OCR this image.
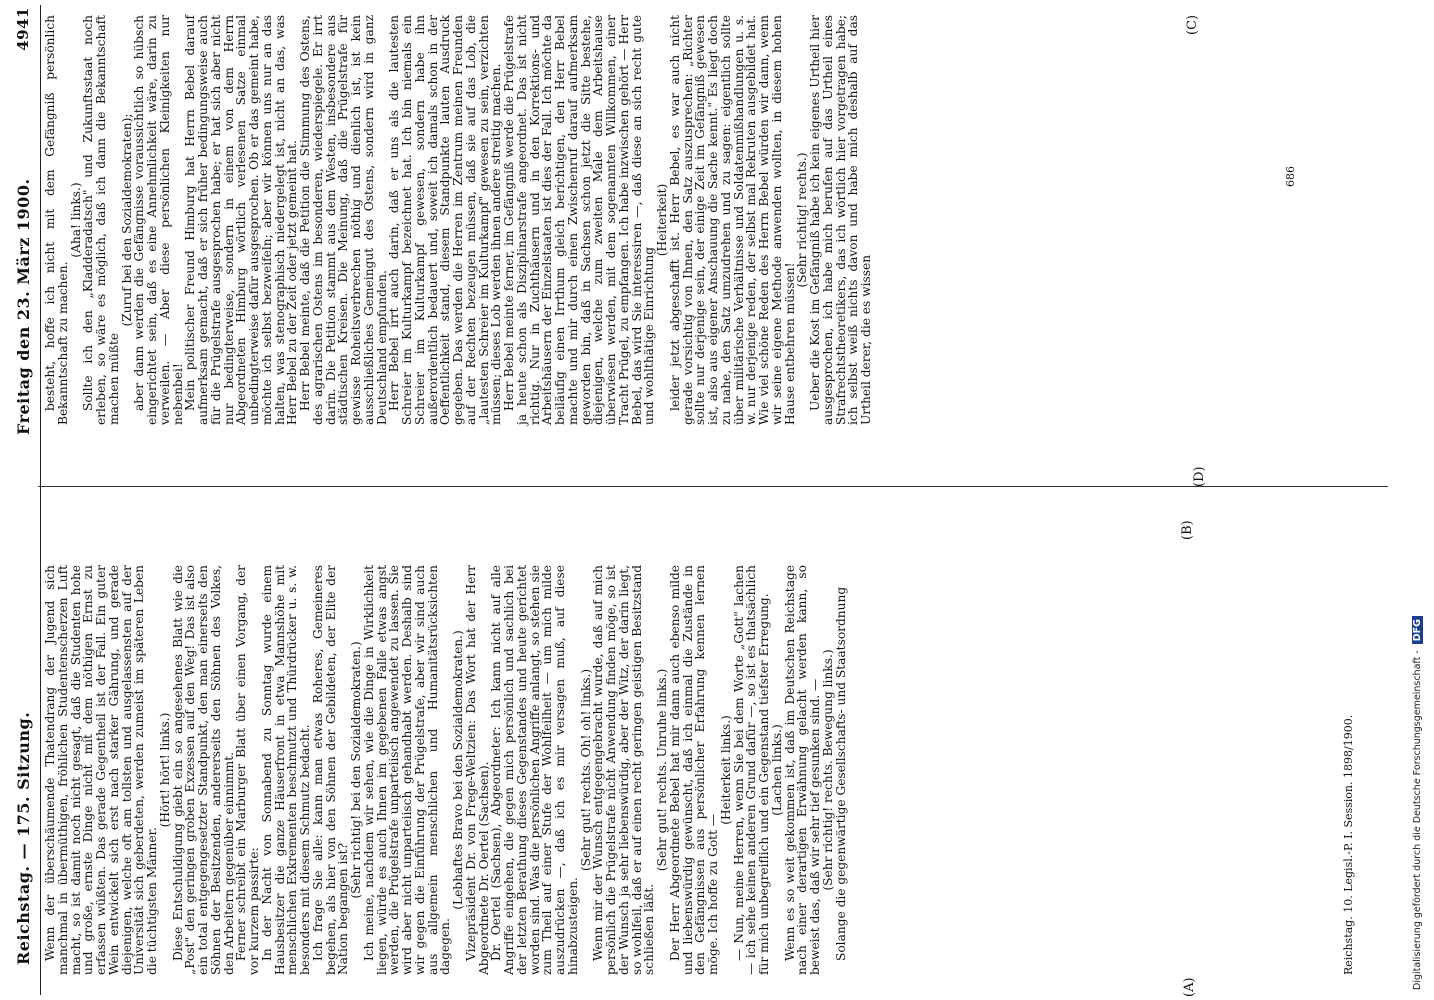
Reichstag. — 175. Sitzung.
Freitag den 23. März 1900.
4941

Wenn der überschäumende Thatendrang der Jugend sich manchmal in übermüthigen, fröhlichen Studentenscherzen Luft macht, so ist damit noch nicht gesagt, daß die Studenten hohe und große, ernste Dinge nicht mit dem nöthigen Ernst zu erfassen wüßten. Das gerade Gegentheil ist der Fall. Ein guter Wein entwickelt sich erst nach starker Gährung, und gerade diejenigen, welche oft am tollsten und ausgelassensten auf der Universität sich geberdeten, werden zumeist im späteren Leben die tüchtigsten Männer.

(Hört! hört! links.)

Diese Entschuldigung giebt ein so angesehenes Blatt wie die „Post" den geringen groben Exzessen auf den Weg! Das ist also ein total entgegengesetzter Standpunkt, den man einerseits den Söhnen der Besitzenden, andererseits den Söhnen des Volkes, den Arbeitern gegenüber einnimmt.

Ferner schreibt ein Marburger Blatt über einen Vorgang, der vor kurzem passirte:

In der Nacht von Sonnabend zu Sonntag wurde einem Hausbesitzer die ganze Häuserfront in etwa Mannshöhe mit menschlichen Exkrementen beschmutzt und Thürdrücker u. s. w. besonders mit diesem Schmutz bedacht.

Ich frage Sie alle: kann man etwas Roheres, Gemeineres begehen, als hier von den Söhnen der Gebildeten, der Elite der Nation begangen ist?

(Sehr richtig! bei den Sozialdemokraten.)

Ich meine, nachdem wir sehen, wie die Dinge in Wirklichkeit liegen, würde es auch Ihnen im gegebenen Falle etwas angst werden, die Prügelstrafe unparteiisch angewendet zu lassen. Sie wird aber nicht unparteiisch gehandhabt werden. Deshalb sind wir gegen die Einführung der Prügelstrafe, aber wir sind auch aus allgemein menschlichen und Humanitätsrücksichten dagegen.

(Lebhaftes Bravo bei den Sozialdemokraten.)

Vizepräsident Dr. von Frege-Weltzien: Das Wort hat der Herr Abgeordnete Dr. Oertel (Sachsen).

Dr. Oertel (Sachsen), Abgeordneter: Ich kann nicht auf alle Angriffe eingehen, die gegen mich persönlich und sachlich bei der letzten Berathung dieses Gegenstandes und heute gerichtet worden sind. Was die persönlichen Angriffe anlangt, so stehen sie zum Theil auf einer Stufe der Wohlfeilheit — um mich milde auszudrücken —, daß ich es mir versagen muß, auf diese hinabzusteigen.

(Sehr gut! rechts. Oh! oh! links.)

Wenn mir der Wunsch entgegengebracht wurde, daß auf mich persönlich die Prügelstrafe nicht Anwendung finden möge, so ist der Wunsch ja sehr liebenswürdig, aber der Witz, der darin liegt, so wohlfeil, daß er auf einen recht geringen geistigen Besitzstand schließen läßt.

(Sehr gut! rechts. Unruhe links.)

Der Herr Abgeordnete Bebel hat mir dann auch ebenso milde und liebenswürdig gewünscht, daß ich einmal die Zustände in den Gefängnissen aus persönlicher Erfahrung kennen lernen möge. Ich hoffe zu Gott —

(Heiterkeit links.)

— Nun, meine Herren, wenn Sie bei dem Worte „Gott" lachen — ich sehe keinen anderen Grund dafür —, so ist es thatsächlich für mich unbegreiflich und ein Gegenstand tiefster Erregung.

(Lachen links.)

Wenn es so weit gekommen ist, daß im Deutschen Reichstage nach einer derartigen Erwähnung gelacht werden kann, so beweist das, daß wir sehr tief gesunken sind. —

(Sehr richtig! rechts. Bewegung links.)

Solange die gegenwärtige Gesellschafts- und Staatsordnung

besteht, hoffe ich nicht mit dem Gefängniß persönlich Bekanntschaft zu machen.

(Aha! links.)

Sollte ich den „Kladderadatsch" und Zukunftsstaat noch erleben, so wäre es möglich, daß ich dann die Bekanntschaft machen müßte

(Zuruf bei den Sozialdemokraten);

aber dann werden die Gefängnisse voraussichtlich so hübsch eingerichtet sein, daß es eine Annehmlichkeit wäre, darin zu verweilen. — Aber diese persönlichen Kleinigkeiten nur nebenbei!

Mein politischer Freund Himburg hat Herrn Bebel darauf aufmerksam gemacht, daß er sich früher bedingungsweise auch für die Prügelstrafe ausgesprochen habe; er hat sich aber nicht nur bedingterweise, sondern in einem von dem Herrn Abgeordneten Himburg wörtlich verlesenen Satze einmal unbedingterweise dafür ausgesprochen. Ob er das gemeint habe, möchte ich selbst bezweifeln; aber wir können uns nur an das halten, was stenographisch niedergelegt ist, nicht an das, was Herr Bebel zu der Zeit oder jetzt gemeint hat.

Herr Bebel meinte, daß die Petition die Stimmung des Ostens, des agrarischen Ostens im besonderen, wiederspiegele. Er irrt darin. Die Petition stammt aus dem Westen, insbesondere aus städtischen Kreisen. Die Meinung, daß die Prügelstrafe für gewisse Roheitsverbrechen nöthig und dienlich ist, ist kein ausschließliches Gemeingut des Ostens, sondern wird in ganz Deutschland empfunden.

Herr Bebel irrt auch darin, daß er uns als die lautesten Schreier im Kulturkampf bezeichnet hat. Ich bin niemals ein Schreier im Kulturkampf gewesen, sondern habe ihn außerordentlich bedauert und, soweit ich damals schon in der Oeffentlichkeit stand, diesem Standpunkte lauten Ausdruck gegeben. Das werden die Herren im Zentrum meinen Freunden auf der Rechten bezeugen müssen, daß sie auf das Lob, die „lautesten Schreier im Kulturkampf" gewesen zu sein, verzichten müssen; dieses Lob werden ihnen andere streitig machen.

Herr Bebel meinte ferner, im Gefängniß werde die Prügelstrafe ja heute schon als Disziplinarstrafe angeordnet. Das ist nicht richtig. Nur in Zuchthäusern und in den Korrektions- und Arbeitshäusern der Einzelstaaten ist dies der Fall. Ich möchte da beiläufig einen Irrthum gleich berichtigen, den Herr Bebel machte und mir durch einen Zwischenruf darauf aufmerksam geworden bin, daß in Sachsen schon jetzt die Sitte bestehe, diejenigen, welche zum zweiten Male dem Arbeitshause überwiesen werden, mit dem sogenannten Willkommen, einer Tracht Prügel, zu empfangen. Ich habe inzwischen gehört — Herr Bebel, das wird Sie interessiren —, daß diese an sich recht gute und wohlthätige Einrichtung

(Heiterkeit)

leider jetzt abgeschafft ist. Herr Bebel, es war auch nicht gerade vorsichtig von Ihnen, den Satz auszusprechen: „Richter sollte nur derjenige sein, der einige Zeit im Gefängniß gewesen ist, also aus eigener Anschauung die Sache kennt." Es liegt doch zu nahe, den Satz umzudrehen und zu sagen: eigentlich sollte über militärische Verhältnisse und Soldatenmißhandlungen u. s. w. nur derjenige reden, der selbst mal Rekruten ausgebildet hat. Wie viel schöne Reden des Herrn Bebel würden wir dann, wenn wir seine eigene Methode anwenden wollten, in diesem hohen Hause entbehren müssen!

(Sehr richtig! rechts.)

Ueber die Kost im Gefängniß habe ich kein eigenes Urtheil hier ausgesprochen, ich habe mich berufen auf das Urtheil eines Strafrechtstheoretikers, das ich wörtlich hier vorgetragen habe; ich selbst weiß nichts davon und habe mich deshalb auf das Urtheil derer, die es wissen

(A)
(B)
(D)
(C)
Reichstag. 10. Legisl.-P. I. Session. 1898/1900.
686
Digitalisierung gefördert durch die Deutsche Forschungsgemeinschaft -DFG
